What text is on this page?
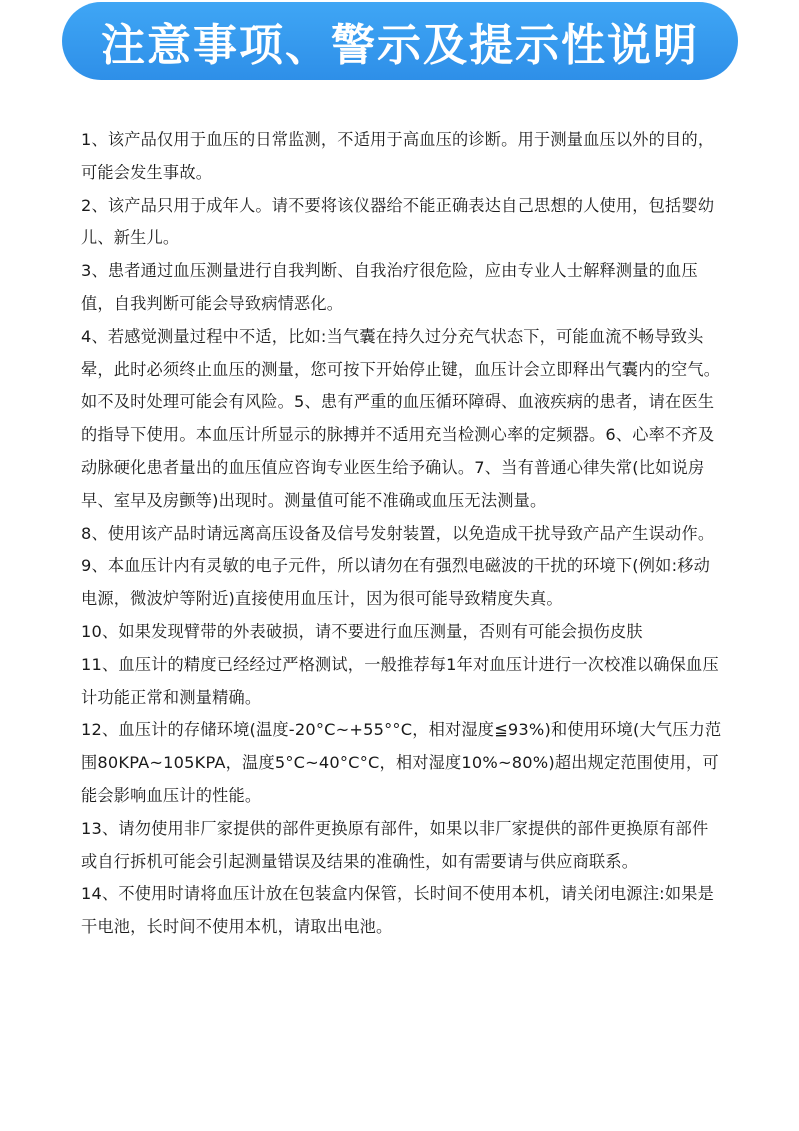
注意事项、警示及提示性说明

1、该产品仅用于血压的日常监测，不适用于高血压的诊断。用于测量血压以外的目的，可能会发生事故。

2、该产品只用于成年人。请不要将该仪器给不能正确表达自己思想的人使用，包括婴幼儿、新生儿。

3、患者通过血压测量进行自我判断、自我治疗很危险，应由专业人士解释测量的血压值，自我判断可能会导致病情恶化。

4、若感觉测量过程中不适，比如:当气囊在持久过分充气状态下，可能血流不畅导致头晕，此时必须终止血压的测量，您可按下开始停止键，血压计会立即释出气囊内的空气。如不及时处理可能会有风险。5、患有严重的血压循环障碍、血液疾病的患者，请在医生的指导下使用。本血压计所显示的脉搏并不适用充当检测心率的定频器。6、心率不齐及动脉硬化患者量出的血压值应咨询专业医生给予确认。7、当有普通心律失常(比如说房早、室早及房颤等)出现时。测量值可能不准确或血压无法测量。

8、使用该产品时请远离高压设备及信号发射装置，以免造成干扰导致产品产生误动作。

9、本血压计内有灵敏的电子元件，所以请勿在有强烈电磁波的干扰的环境下(例如:移动电源，微波炉等附近)直接使用血压计，因为很可能导致精度失真。

10、如果发现臂带的外表破损，请不要进行血压测量，否则有可能会损伤皮肤

11、血压计的精度已经经过严格测试，一般推荐每1年对血压计进行一次校准以确保血压计功能正常和测量精确。

12、血压计的存储环境(温度-20°C~+55°°C，相对湿度≦93%)和使用环境(大气压力范围80KPA~105KPA，温度5°C~40°C°C，相对湿度10%~80%)超出规定范围使用，可能会影响血压计的性能。

13、请勿使用非厂家提供的部件更换原有部件，如果以非厂家提供的部件更换原有部件或自行拆机可能会引起测量错误及结果的准确性，如有需要请与供应商联系。

14、不使用时请将血压计放在包装盒内保管，长时间不使用本机，请关闭电源注:如果是干电池，长时间不使用本机，请取出电池。
